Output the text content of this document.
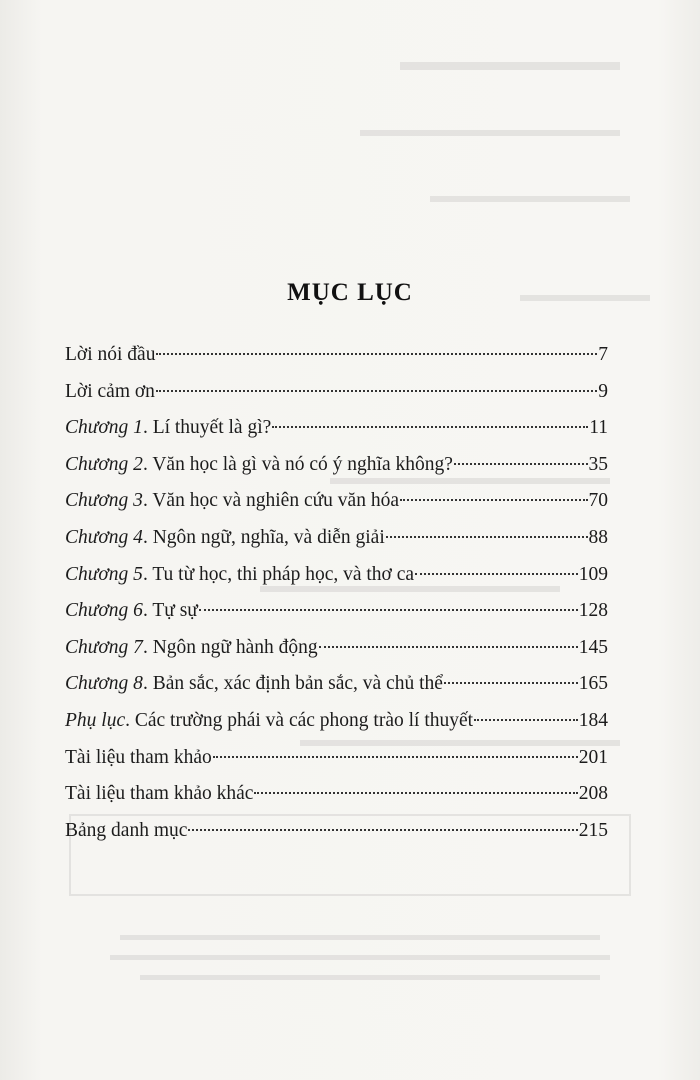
MỤC LỤC
Lời nói đầu	7
Lời cảm ơn	9
Chương 1. Lí thuyết là gì?	11
Chương 2. Văn học là gì và nó có ý nghĩa không?	35
Chương 3. Văn học và nghiên cứu văn hóa	70
Chương 4. Ngôn ngữ, nghĩa, và diễn giải	88
Chương 5. Tu từ học, thi pháp học, và thơ ca	109
Chương 6. Tự sự	128
Chương 7. Ngôn ngữ hành động	145
Chương 8. Bản sắc, xác định bản sắc, và chủ thể	165
Phụ lục. Các trường phái và các phong trào lí thuyết	184
Tài liệu tham khảo	201
Tài liệu tham khảo khác	208
Bảng danh mục	215
